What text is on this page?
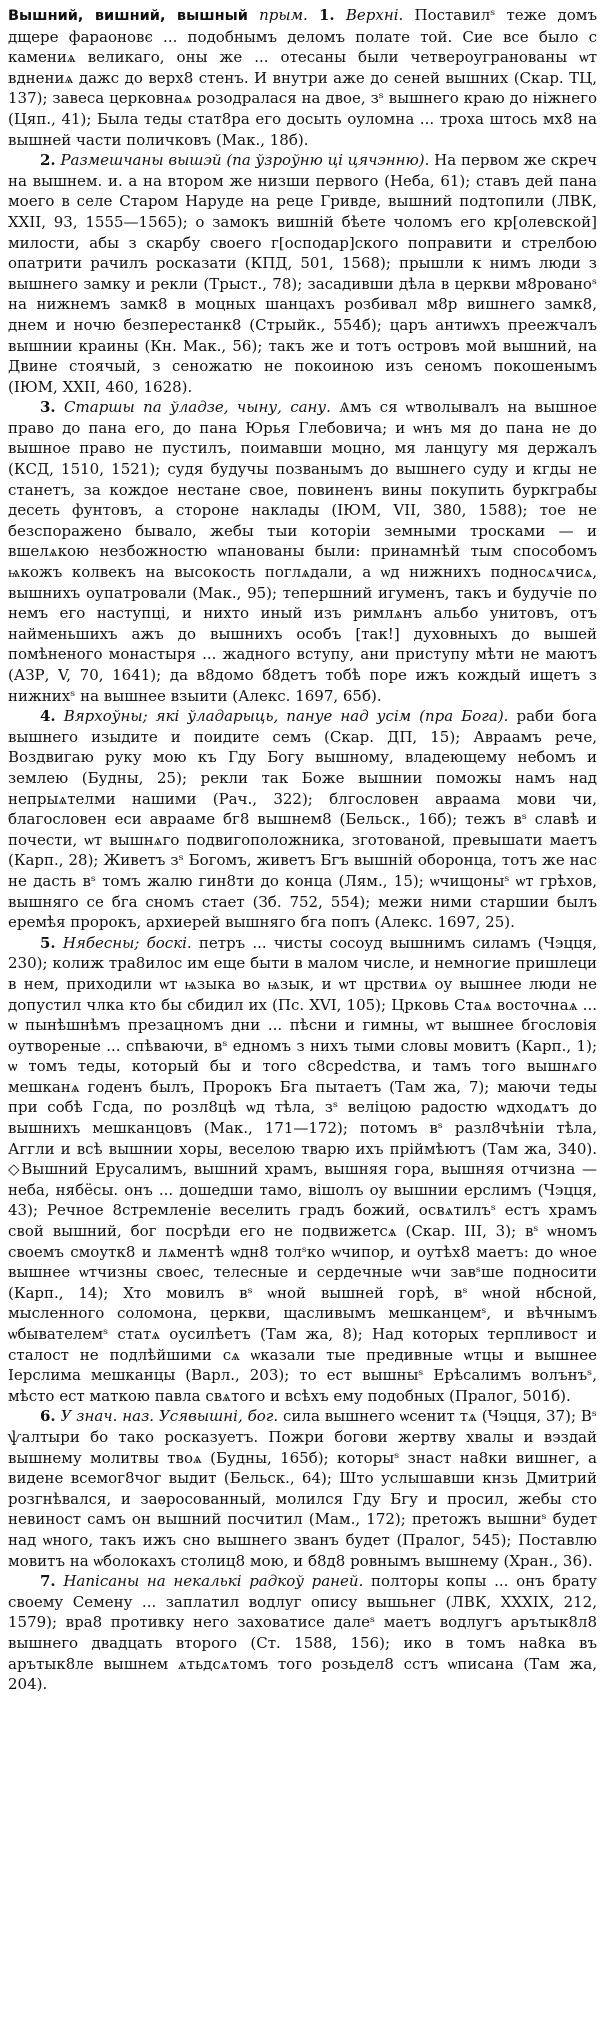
Вышний, вишний, вышный прым. 1. Верхні. Поставилˢ теже домъ дщере фараоновє ... подобнымъ деломъ полате той. Сие все было с камениѧ великаго, оны же ... отесаны были четвероугранованы ѡт вднениѧ дажс до верх8 стенъ. И внутри аже до сеней вышних (Скар. ТЦ, 137); завеса церковнаѧ розодралася на двое, зˢ вышнего краю до ніжнего (Цяп., 41); Была теды стат8ра его досыть оуломна ... троха штось мх8 на вышней части поличковъ (Мак., 18б).

2. Размешчаны вышэй (па ўзроўню ці цячэнню). На первом же скреч на вышнем. и. а на втором же низши первого (Неба, 61); ставъ дей пана моего в селе Старом Наруде на реце Гривде, вышний подтопили (ЛВК, XXII, 93, 1555—1565); о замокъ вишній бѣете чоломъ его кр[олевской] милости, абы з скарбу своего г[осподар]ского поправити и стрелбою опатрити рачилъ росказати (КПД, 501, 1568); прышли к нимъ люди з вышнего замку и рекли (Трыст., 78); засадивши дѣла в церкви м8рованоˢ на нижнемъ замк8 в моцных шанцахъ розбивал м8р вишнего замк8, днем и ночю безперестанк8 (Стрыйк., 554б); царъ антиѡхъ преежчалъ вышнии краины (Кн. Мак., 56); такъ же и тотъ островъ мой вышний, на Двине стоячый, з сеножатю не покоиною изъ сеномъ покошенымъ (ІЮМ, XXII, 460, 1628).

3. Старшы па ўладзе, чыну, сану. Ѧмъ ся ѡтволывалъ на вышное право до пана его, до пана Юрья Глебовича; и ѡнъ мя до пана не до вышное право не пустилъ, поимавши моцно, мя ланцугу мя держалъ (КСД, 1510, 1521); судя будучы позванымъ до вышнего суду и кгды не станетъ, за кождое нестане свое, повиненъ вины покупить буркграбы десеть фунтовъ, а стороне наклады (ІЮМ, VII, 380, 1588); тое не безспоражено бывало, жебы тыи которіи земными тросками — и вшелѧкою незбожностю ѡпанованы были: принамнѣй тым способомъ ѩкожъ колвекъ на высокость поглѧдали, а ѡд нижнихъ подносѧчисѧ, вышнихъ оупатровали (Мак., 95); тепершний игуменъ, такъ и будучіе по немъ его наступці, и нихто иный изъ римлѧнъ альбо унитовъ, отъ найменьшихъ ажъ до вышнихъ особъ [так!] духовныхъ до вышей помѣненого монастыря ... жадного вступу, ани приступу мѣти не маютъ (АЗР, V, 70, 1641); да в8домо б8детъ тобѣ поре ижъ кождый ищетъ з нижнихˢ на вышнее взыити (Алекс. 1697, 65б).

4. Вярхоўны; які ўладарыць, пануе над усім (пра Бога). раби бога вышнего изыдите и поидите семъ (Скар. ДП, 15); Авраамъ рече, Воздвигаю руку мою къ Гду Богу вышному, владеющему небомъ и землею (Будны, 25); рекли так Боже вышнии поможы намъ над непрыѧтелми нашими (Рач., 322); блгословен авраама мови чи, благословен еси аврааме бг8 вышнем8 (Бельск., 16б); тежъ вˢ славѣ и почести, ѡт вышнѧго подвигоположника, зготованой, превышати маетъ (Карп., 28); Живетъ зˢ Богомъ, живетъ Бгъ вышній оборонца, тотъ же нас не дасть вˢ томъ жалю гин8ти до конца (Лям., 15); ѡчищоныˢ ѡт грѣхов, вышняго се бга сномъ стает (Зб. 752, 554); межи ними старшии былъ еремѣя пророкъ, архиерей вышняго бга попъ (Алекс. 1697, 25).

5. Нябесны; боскі. петръ ... чисты сосоуд вышнимъ силамъ (Чэцця, 230); колиж тра8илос им еще быти в малом числе, и немногие пришлеци в нем, приходили ѡт ѩзыка во ѩзык, и ѡт црствиѧ оу вышнее люди не допустил члка кто бы сбидил их (Пс. XVI, 105); Црковь Стаѧ восточнаѧ ... ѡ пынѣшнѣмъ презацномъ дни ... пѣсни и гимны, ѡт вышнее бгословія оутвореные ... спѣваючи, вˢ едномъ з нихъ тыми словы мовитъ (Карп., 1); ѡ томъ теды, который бы и того с8среdства, и тамъ того вышнѧго мешканѧ годенъ былъ, Пророкъ Бга пытаетъ (Там жа, 7); маючи теды при собѣ Гсда, по розл8цѣ ѡд тѣла, зˢ веліцою радостю ѡдходѧтъ до вышнихъ мешканцовъ (Мак., 171—172); потомъ вˢ разл8чѣніи тѣла, Аггли и всѣ вышнии хоры, веселою тварю ихъ пріймѣютъ (Там жа, 340). ◇Вышний Ерусалимъ, вышний храмъ, вышняя гора, вышняя отчизна — неба, нябёсы. онъ ... дошедши тамо, вішолъ оу вышнии ерслимъ (Чэцця, 43); Речное 8стремленіе веселить градъ божий, освѧтилъˢ естъ храмъ свой вышний, бог посрѣди его не подвижетсѧ (Скар. ІІІ, 3); вˢ ѡномъ своемъ смоутк8 и лѧментѣ ѡдн8 толˢко ѡчипор, и оутѣх8 маетъ: до ѡное вышнее ѡтчизны своес, телесные и сердечные ѡчи завˢше подносити (Карп., 14); Хто мовилъ вˢ ѡной вышней горѣ, вˢ ѡной нбсной, мысленного соломона, церкви, щасливымъ мешканцемˢ, и вѣчнымъ ѡбывателемˢ статѧ оусилѣетъ (Там жа, 8); Над которых терпливост и сталост не подлѣйшими сѧ ѡказали тые предивные ѡтцы и вышнее Іерслима мешканцы (Варл., 203); то ест вышныˢ Ерѣсалимъ волънъˢ, мѣсто ест маткою павла свѧтого и всѣхъ ему подобных (Пралог, 501б).

6. У знач. наз. Усявышні, бог. сила вышнего ѡсенит тѧ (Чэцця, 37); Вˢ ѱалтыри бо тако росказуетъ. Пожри богови жертву хвалы и вэздай вышнему молитвы твоѧ (Будны, 165б); которыˢ знаст на8ки вишнег, а видене всемог8чог выдит (Бельск., 64); Што услышавши кнзь Дмитрий розгнѣвался, и заѳросованный, молился Гду Бгу и просил, жебы сто невиност самъ он вышний посчитил (Мам., 172); претожъ вышниˢ будет над ѡного, такъ ижъ сно вышнего званъ будет (Пралог, 545); Поставлю мовитъ на ѡболокахъ столиц8 мою, и б8д8 ровнымъ вышнему (Хран., 36).

7. Напісаны на некалькі радкоў раней. полторы копы ... онъ брату своему Семену ... заплатил водлуг опису вышьнег (ЛВК, XXXIX, 212, 1579); вра8 противку него заховатисе далеˢ маетъ водлугъ арътык8л8 вышнего двадцать второго (Ст. 1588, 156); ико в томъ на8ка въ арътык8ле вышнем ѧтьдсѧтомъ того розьдел8 сстъ ѡписана (Там жа, 204).
